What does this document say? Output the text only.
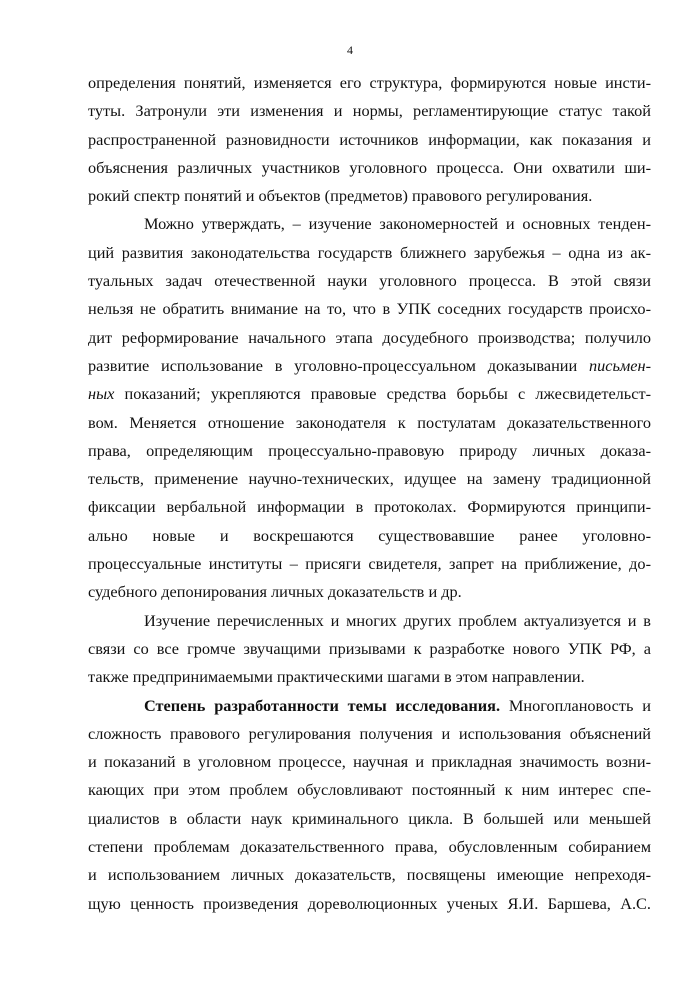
4

определения понятий, изменяется его структура, формируются новые инсти-
туты. Затронули эти изменения и нормы, регламентирующие статус такой
распространенной разновидности источников информации, как показания и
объяснения различных участников уголовного процесса. Они охватили ши-
рокий спектр понятий и объектов (предметов) правового регулирования.

Можно утверждать, – изучение закономерностей и основных тенден-
ций развития законодательства государств ближнего зарубежья – одна из ак-
туальных задач отечественной науки уголовного процесса. В этой связи
нельзя не обратить внимание на то, что в УПК соседних государств происхо-
дит реформирование начального этапа досудебного производства; получило
развитие использование в уголовно-процессуальном доказывании письмен-
ных показаний; укрепляются правовые средства борьбы с лжесвидетельст-
вом. Меняется отношение законодателя к постулатам доказательственного
права, определяющим процессуально-правовую природу личных доказа-
тельств, применение научно-технических, идущее на замену традиционной
фиксации вербальной информации в протоколах. Формируются принципи-
ально новые и воскрешаются существовавшие ранее уголовно-
процессуальные институты – присяги свидетеля, запрет на приближение, до-
судебного депонирования личных доказательств и др.

Изучение перечисленных и многих других проблем актуализуется и в
связи со все громче звучащими призывами к разработке нового УПК РФ, а
также предпринимаемыми практическими шагами в этом направлении.

Степень разработанности темы исследования. Многоплановость и
сложность правового регулирования получения и использования объяснений
и показаний в уголовном процессе, научная и прикладная значимость возни-
кающих при этом проблем обусловливают постоянный к ним интерес спе-
циалистов в области наук криминального цикла. В большей или меньшей
степени проблемам доказательственного права, обусловленным собиранием
и использованием личных доказательств, посвящены имеющие непреходя-
щую ценность произведения дореволюционных ученых Я.И. Баршева, А.С.
